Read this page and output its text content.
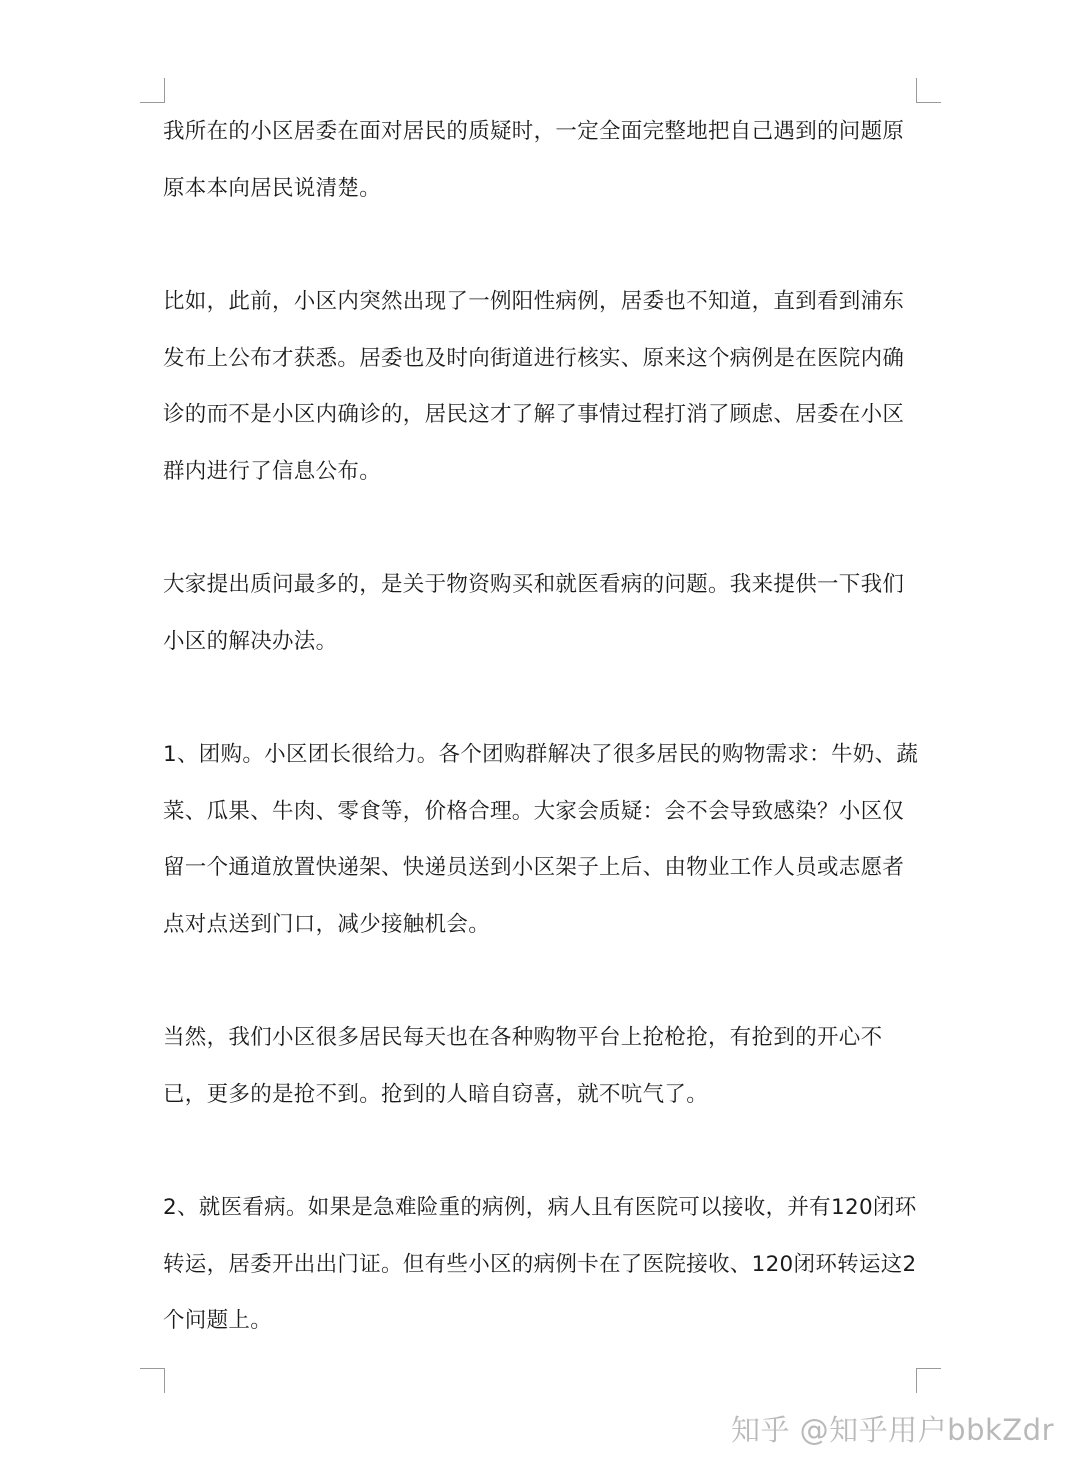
我所在的小区居委在面对居民的质疑时，一定全面完整地把自己遇到的问题原原本本向居民说清楚。

比如，此前，小区内突然出现了一例阳性病例，居委也不知道，直到看到浦东发布上公布才获悉。居委也及时向街道进行核实、原来这个病例是在医院内确诊的而不是小区内确诊的，居民这才了解了事情过程打消了顾虑、居委在小区群内进行了信息公布。

大家提出质问最多的，是关于物资购买和就医看病的问题。我来提供一下我们小区的解决办法。

1、团购。小区团长很给力。各个团购群解决了很多居民的购物需求：牛奶、蔬菜、瓜果、牛肉、零食等，价格合理。大家会质疑：会不会导致感染？小区仅留一个通道放置快递架、快递员送到小区架子上后、由物业工作人员或志愿者点对点送到门口，减少接触机会。

当然，我们小区很多居民每天也在各种购物平台上抢枪抢，有抢到的开心不已，更多的是抢不到。抢到的人暗自窃喜，就不吭气了。

2、就医看病。如果是急难险重的病例，病人且有医院可以接收，并有120闭环转运，居委开出出门证。但有些小区的病例卡在了医院接收、120闭环转运这2个问题上。

知乎 @知乎用户bbkZdr
